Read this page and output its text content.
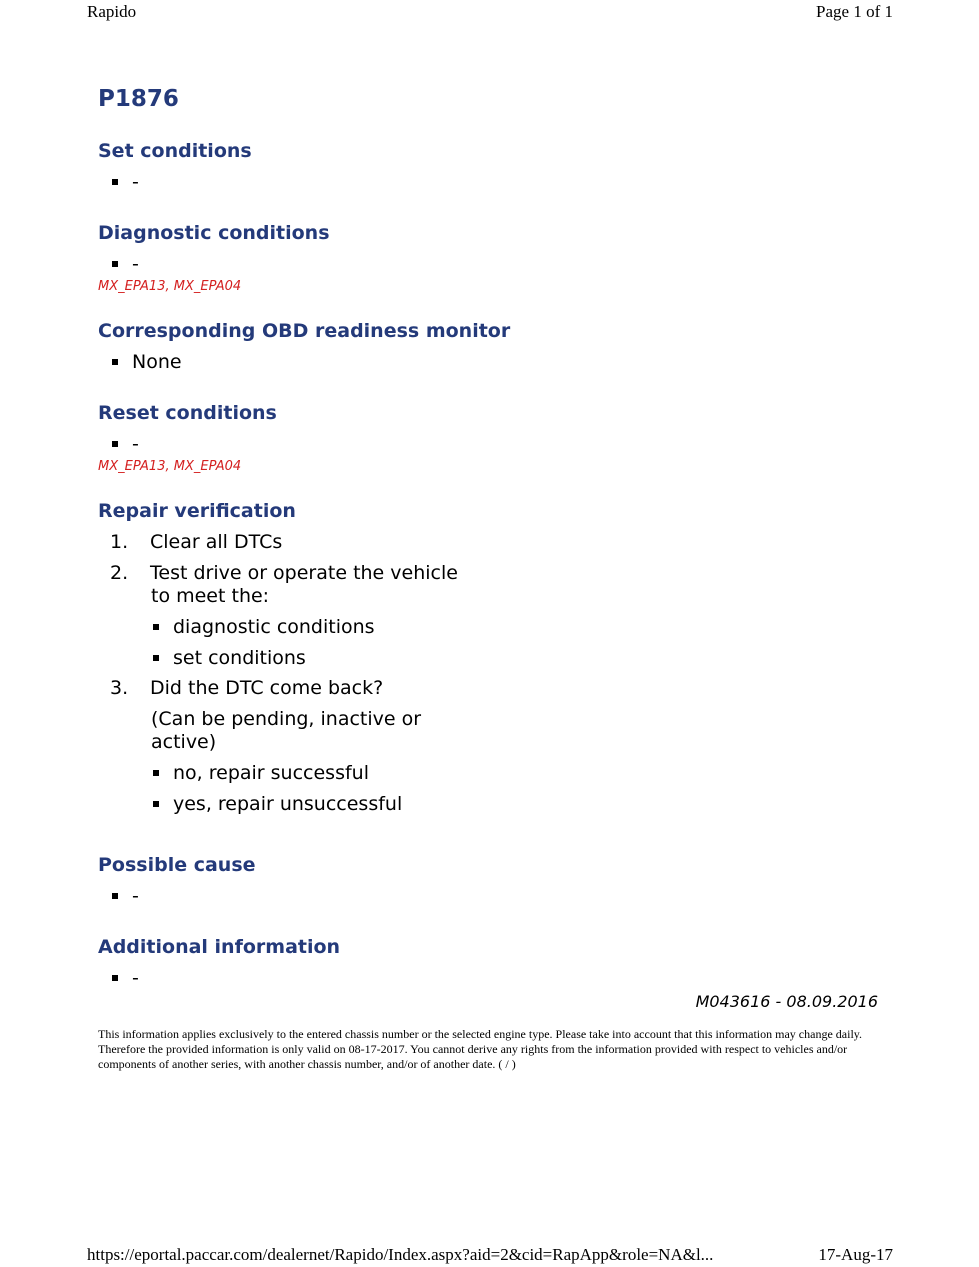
Rapido	Page 1 of 1
P1876
Set conditions
-
Diagnostic conditions
-
MX_EPA13, MX_EPA04
Corresponding OBD readiness monitor
None
Reset conditions
-
MX_EPA13, MX_EPA04
Repair verification
1. Clear all DTCs
2. Test drive or operate the vehicle
to meet the:
diagnostic conditions
set conditions
3. Did the DTC come back?
(Can be pending, inactive or
active)
no, repair successful
yes, repair unsuccessful
Possible cause
-
Additional information
-
M043616 - 08.09.2016
This information applies exclusively to the entered chassis number or the selected engine type. Please take into account that this information may change daily. Therefore the provided information is only valid on 08-17-2017. You cannot derive any rights from the information provided with respect to vehicles and/or components of another series, with another chassis number, and/or of another date. ( / )
https://eportal.paccar.com/dealernet/Rapido/Index.aspx?aid=2&cid=RapApp&role=NA&l...	17-Aug-17
